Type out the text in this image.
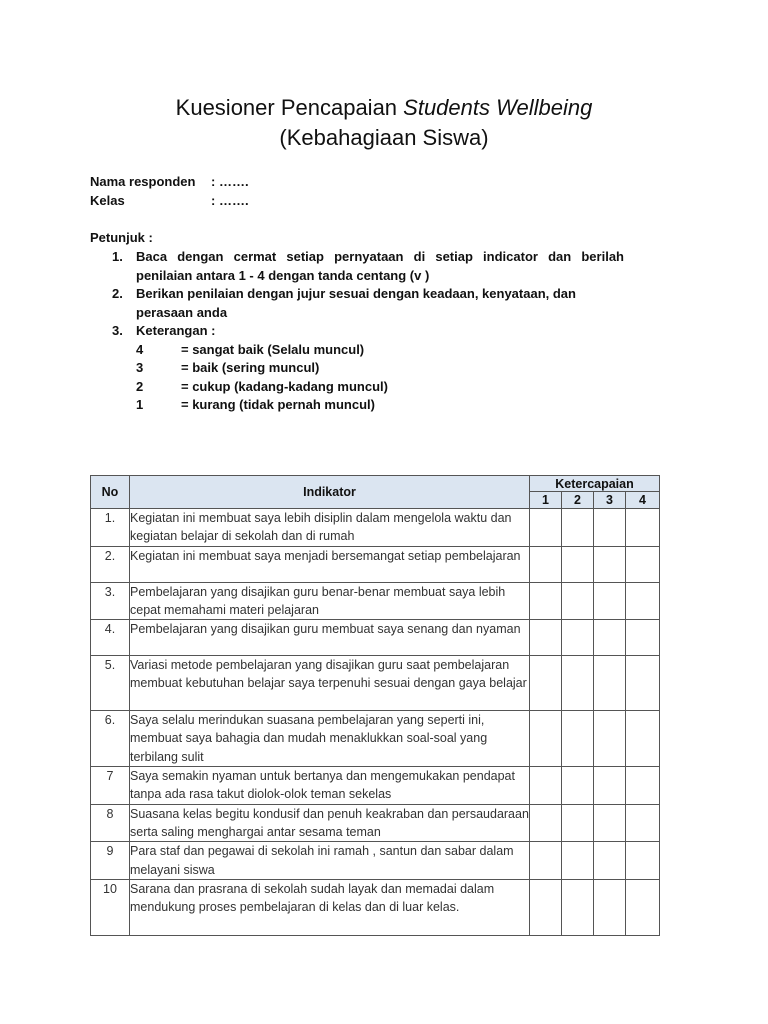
Kuesioner Pencapaian Students Wellbeing
(Kebahagiaan Siswa)
Nama responden : …….
Kelas	: …….
Petunjuk :
1. Baca dengan cermat setiap pernyataan di setiap indicator dan berilah penilaian antara 1 - 4 dengan tanda centang (v )
2. Berikan penilaian dengan jujur sesuai dengan keadaan, kenyataan, dan perasaan anda
3. Keterangan :
4	= sangat baik (Selalu muncul)
3	= baik (sering muncul)
2	= cukup (kadang-kadang muncul)
1	= kurang (tidak pernah muncul)
No	Indikator	Ketercapaian			
		1	2	3	4
1.	Kegiatan ini membuat saya lebih disiplin dalam mengelola waktu dan kegiatan belajar di sekolah dan di rumah				
2.	Kegiatan ini membuat saya menjadi bersemangat setiap pembelajaran				
3.	Pembelajaran yang disajikan guru benar-benar membuat saya lebih cepat memahami materi pelajaran				
4.	Pembelajaran yang disajikan guru membuat saya senang dan nyaman				
5.	Variasi metode pembelajaran yang disajikan guru saat pembelajaran membuat kebutuhan belajar saya terpenuhi sesuai dengan gaya belajar				
6.	Saya selalu merindukan suasana pembelajaran yang seperti ini, membuat saya bahagia dan mudah menaklukkan soal-soal yang terbilang sulit				
7	Saya semakin nyaman untuk bertanya dan mengemukakan pendapat tanpa ada rasa takut diolok-olok teman sekelas				
8	Suasana kelas begitu kondusif dan penuh keakraban dan persaudaraan serta saling menghargai antar sesama teman				
9	Para staf dan pegawai di sekolah ini ramah , santun dan sabar dalam melayani siswa				
10	Sarana dan prasrana di sekolah sudah layak dan memadai dalam mendukung proses pembelajaran di kelas dan di luar kelas.				
